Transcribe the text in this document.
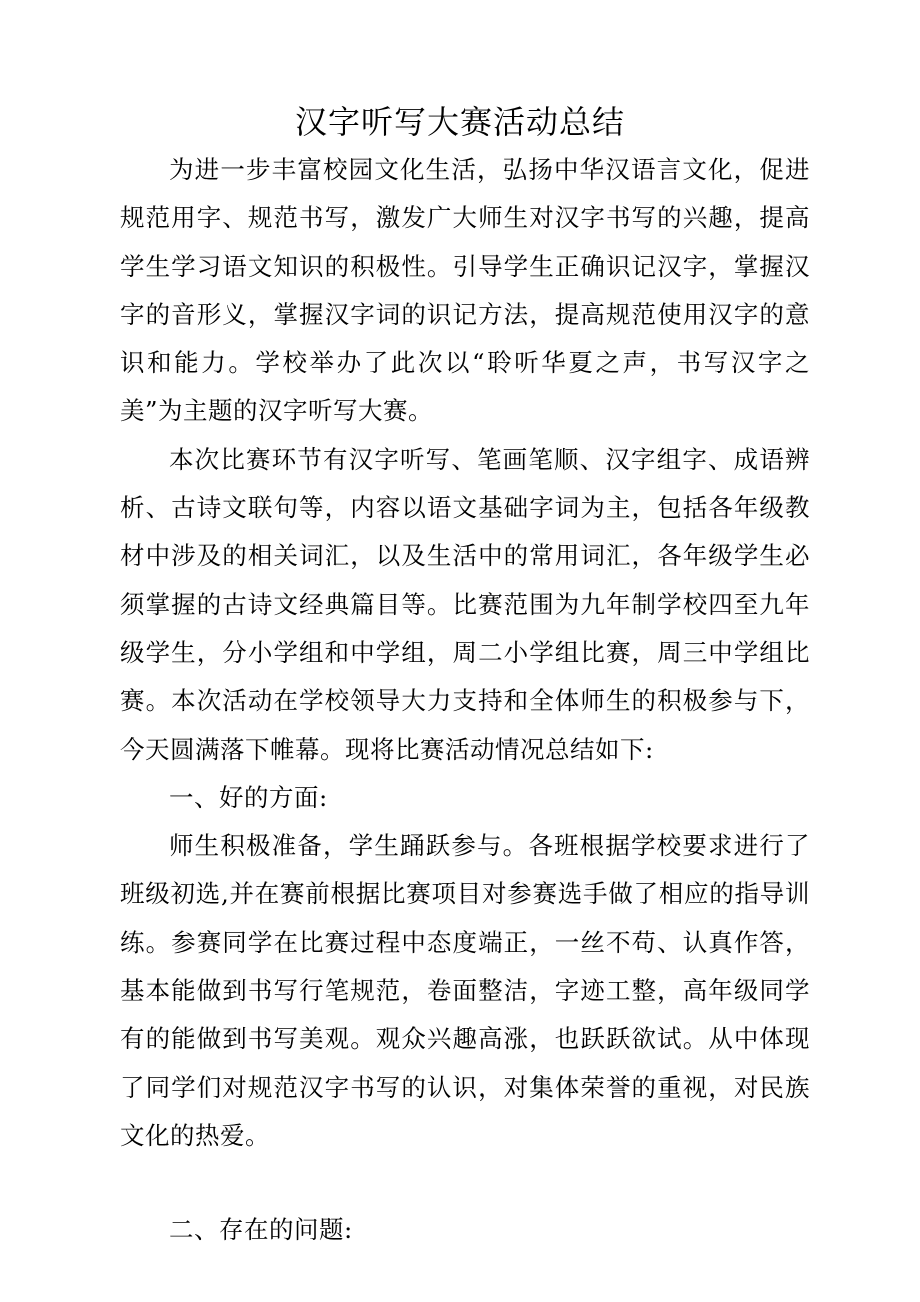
汉字听写大赛活动总结

为进一步丰富校园文化生活，弘扬中华汉语言文化，促进规范用字、规范书写，激发广大师生对汉字书写的兴趣，提高学生学习语文知识的积极性。引导学生正确识记汉字，掌握汉字的音形义，掌握汉字词的识记方法，提高规范使用汉字的意识和能力。学校举办了此次以“聆听华夏之声，书写汉字之美”为主题的汉字听写大赛。

本次比赛环节有汉字听写、笔画笔顺、汉字组字、成语辨析、古诗文联句等，内容以语文基础字词为主，包括各年级教材中涉及的相关词汇，以及生活中的常用词汇，各年级学生必须掌握的古诗文经典篇目等。比赛范围为九年制学校四至九年级学生，分小学组和中学组，周二小学组比赛，周三中学组比赛。本次活动在学校领导大力支持和全体师生的积极参与下，今天圆满落下帷幕。现将比赛活动情况总结如下:

一、好的方面:

师生积极准备，学生踊跃参与。各班根据学校要求进行了班级初选,并在赛前根据比赛项目对参赛选手做了相应的指导训练。参赛同学在比赛过程中态度端正，一丝不苟、认真作答，基本能做到书写行笔规范，卷面整洁，字迹工整，高年级同学有的能做到书写美观。观众兴趣高涨，也跃跃欲试。从中体现了同学们对规范汉字书写的认识，对集体荣誉的重视，对民族文化的热爱。

二、存在的问题:
